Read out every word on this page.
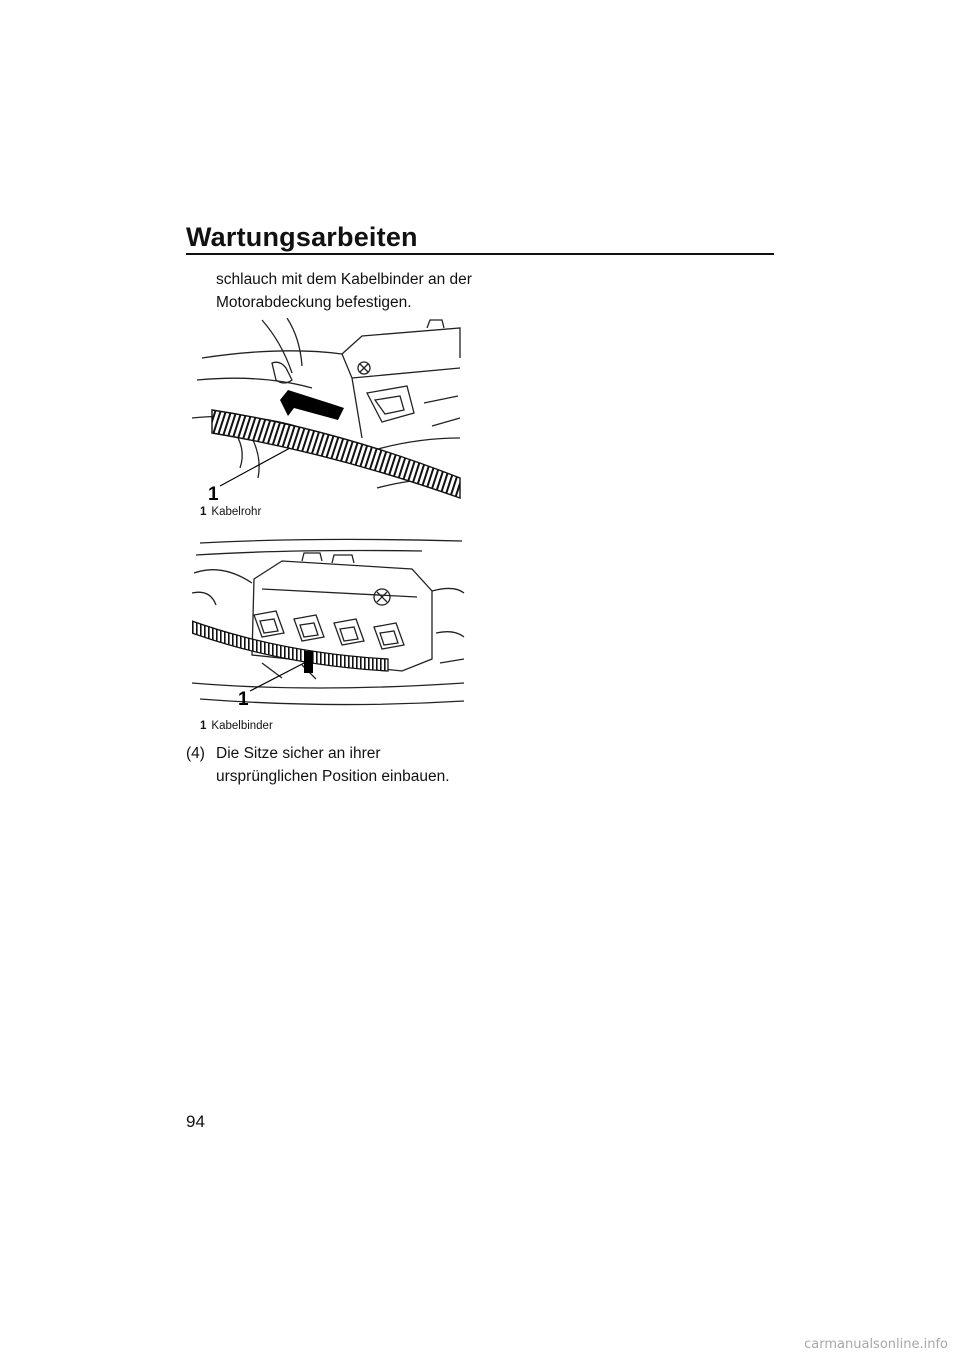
Wartungsarbeiten
schlauch mit dem Kabelbinder an der Motorabdeckung befestigen.
1
1 Kabelrohr
1
1 Kabelbinder
(4) Die Sitze sicher an ihrer ursprünglichen Position einbauen.
94
carmanualsonline.info
